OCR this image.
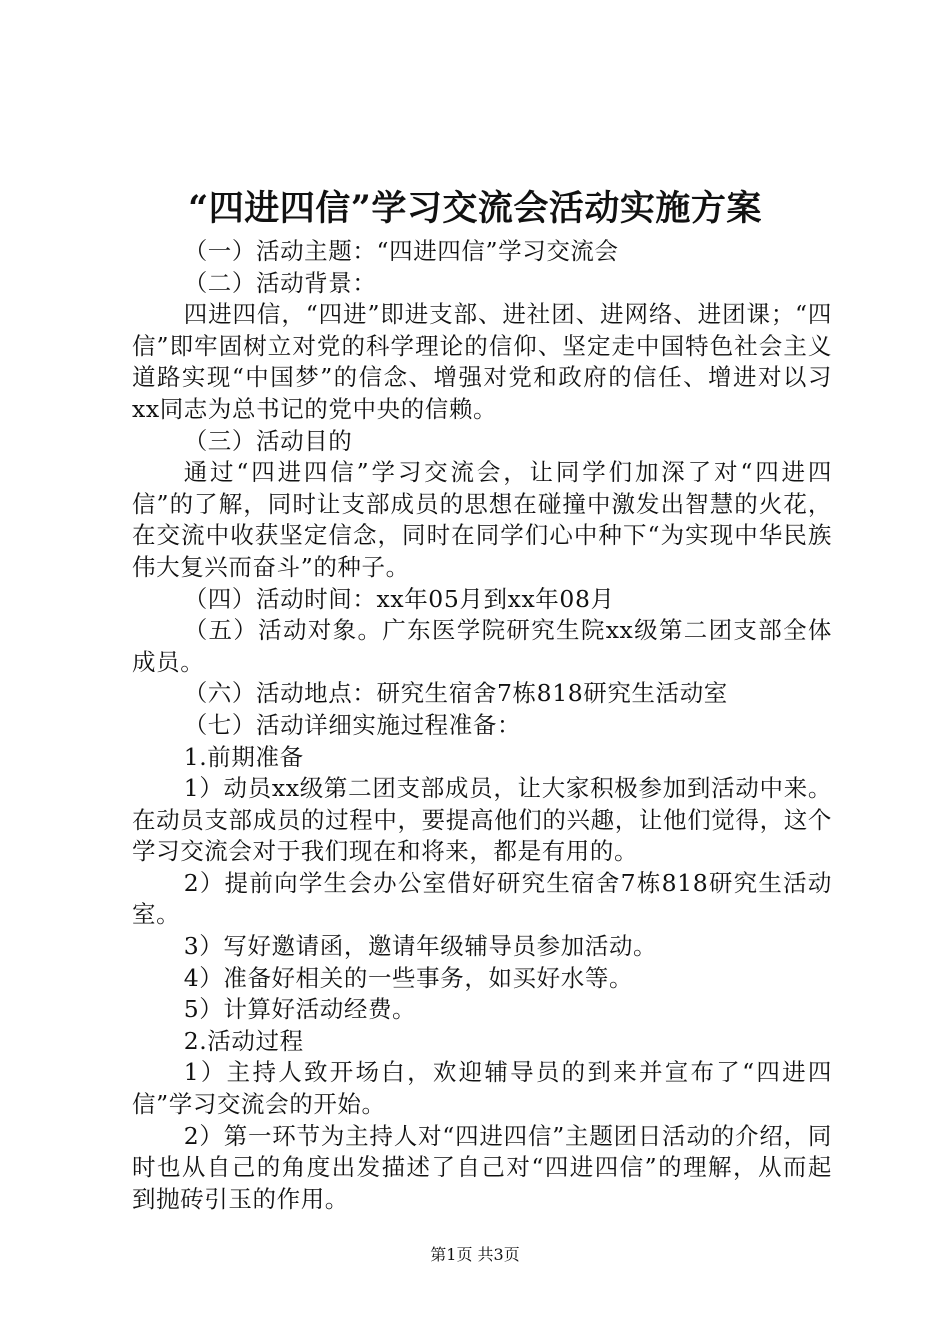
“四进四信”学习交流会活动实施方案

（一）活动主题：“四进四信”学习交流会

（二）活动背景：

四进四信，“四进”即进支部、进社团、进网络、进团课；“四信”即牢固树立对党的科学理论的信仰、坚定走中国特色社会主义道路实现“中国梦”的信念、增强对党和政府的信任、增进对以习xx同志为总书记的党中央的信赖。

（三）活动目的

通过“四进四信”学习交流会，让同学们加深了对“四进四信”的了解，同时让支部成员的思想在碰撞中激发出智慧的火花，在交流中收获坚定信念，同时在同学们心中种下“为实现中华民族伟大复兴而奋斗”的种子。

（四）活动时间：xx年05月到xx年08月

（五）活动对象。广东医学院研究生院xx级第二团支部全体成员。

（六）活动地点：研究生宿舍7栋818研究生活动室

（七）活动详细实施过程准备：

1.前期准备

1）动员xx级第二团支部成员，让大家积极参加到活动中来。在动员支部成员的过程中，要提高他们的兴趣，让他们觉得，这个学习交流会对于我们现在和将来，都是有用的。

2）提前向学生会办公室借好研究生宿舍7栋818研究生活动室。

3）写好邀请函，邀请年级辅导员参加活动。

4）准备好相关的一些事务，如买好水等。

5）计算好活动经费。

2.活动过程

1）主持人致开场白，欢迎辅导员的到来并宣布了“四进四信”学习交流会的开始。

2）第一环节为主持人对“四进四信”主题团日活动的介绍，同时也从自己的角度出发描述了自己对“四进四信”的理解，从而起到抛砖引玉的作用。

第1页 共3页
